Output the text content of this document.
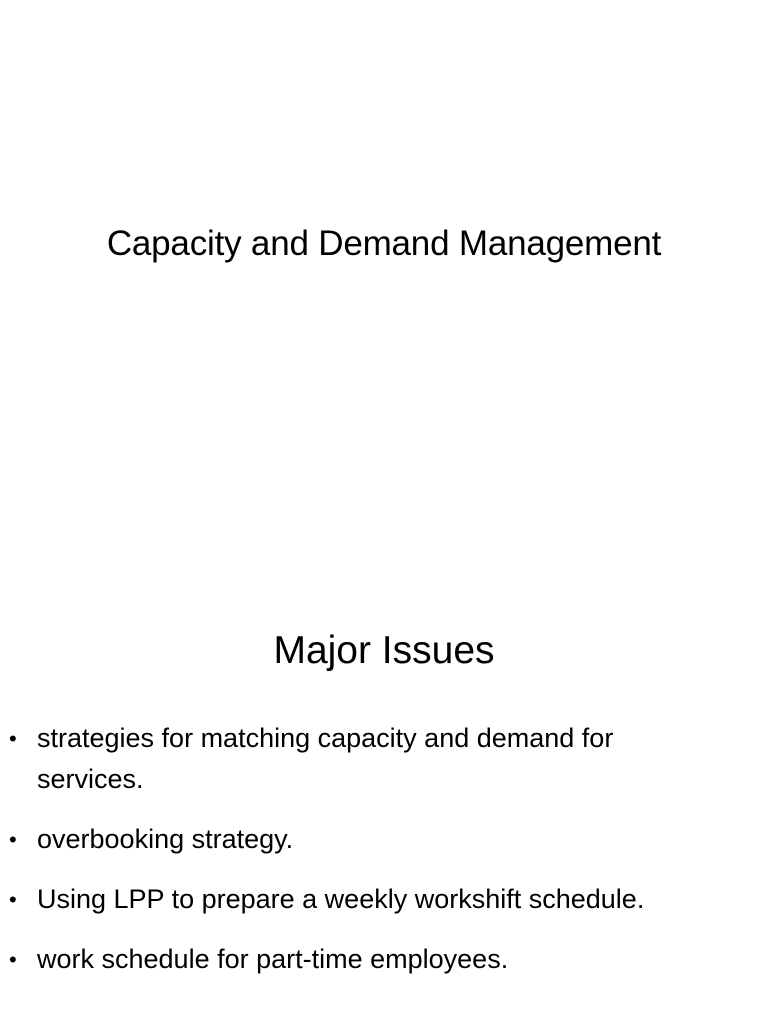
Capacity and Demand Management
Major Issues
• strategies for matching capacity and demand for services.
• overbooking strategy.
• Using LPP to prepare a weekly workshift schedule.
• work schedule for part-time employees.
